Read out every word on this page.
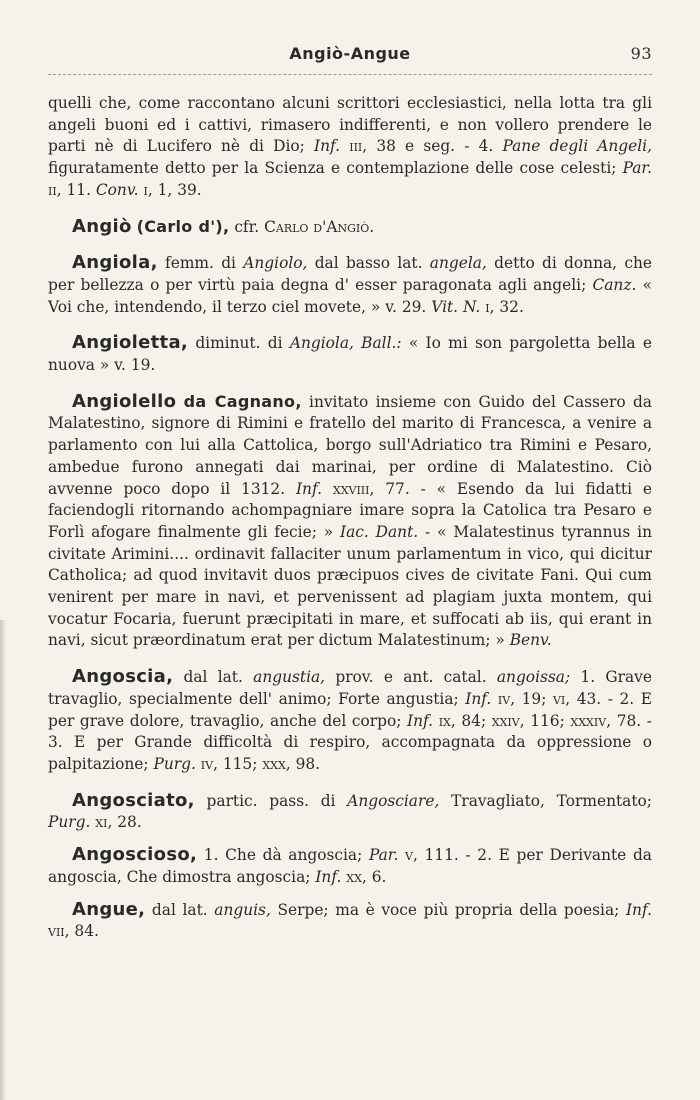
Angiò-Angue	93

quelli che, come raccontano alcuni scrittori ecclesiastici, nella lotta tra gli angeli buoni ed i cattivi, rimasero indifferenti, e non vollero prendere le parti nè di Lucifero nè di Dio; Inf. iii, 38 e seg. - 4. Pane degli Angeli, figuratamente detto per la Scienza e contemplazione delle cose celesti; Par. ii, 11. Conv. i, 1, 39.

Angiò (Carlo d'), cfr. Carlo d'Angiò.

Angiola, femm. di Angiolo, dal basso lat. angela, detto di donna, che per bellezza o per virtù paia degna d' esser paragonata agli angeli; Canz. « Voi che, intendendo, il terzo ciel movete, » v. 29. Vit. N. i, 32.

Angioletta, diminut. di Angiola, Ball.: « Io mi son pargoletta bella e nuova » v. 19.

Angiolello da Cagnano, invitato insieme con Guido del Cassero da Malatestino, signore di Rimini e fratello del marito di Francesca, a venire a parlamento con lui alla Cattolica, borgo sull'Adriatico tra Rimini e Pesaro, ambedue furono annegati dai marinai, per ordine di Malatestino. Ciò avvenne poco dopo il 1312. Inf. xxviii, 77. - « Esendo da lui fidatti e faciendogli ritornando achompagniare imare sopra la Catolica tra Pesaro e Forlì afogare finalmente gli fecie; » Iac. Dant. - « Malatestinus tyrannus in civitate Arimini.... ordinavit fallaciter unum parlamentum in vico, qui dicitur Catholica; ad quod invitavit duos præcipuos cives de civitate Fani. Qui cum venirent per mare in navi, et pervenissent ad plagiam juxta montem, qui vocatur Focaria, fuerunt præcipitati in mare, et suffocati ab iis, qui erant in navi, sicut præordinatum erat per dictum Malatestinum; » Benv.

Angoscia, dal lat. angustia, prov. e ant. catal. angoissa; 1. Grave travaglio, specialmente dell' animo; Forte angustia; Inf. iv, 19; vi, 43. - 2. E per grave dolore, travaglio, anche del corpo; Inf. ix, 84; xxiv, 116; xxxiv, 78. - 3. E per Grande difficoltà di respiro, accompagnata da oppressione o palpitazione; Purg. iv, 115; xxx, 98.

Angosciato, partic. pass. di Angosciare, Travagliato, Tormentato; Purg. xi, 28.

Angoscioso, 1. Che dà angoscia; Par. v, 111. - 2. E per Derivante da angoscia, Che dimostra angoscia; Inf. xx, 6.

Angue, dal lat. anguis, Serpe; ma è voce più propria della poesia; Inf. vii, 84.
